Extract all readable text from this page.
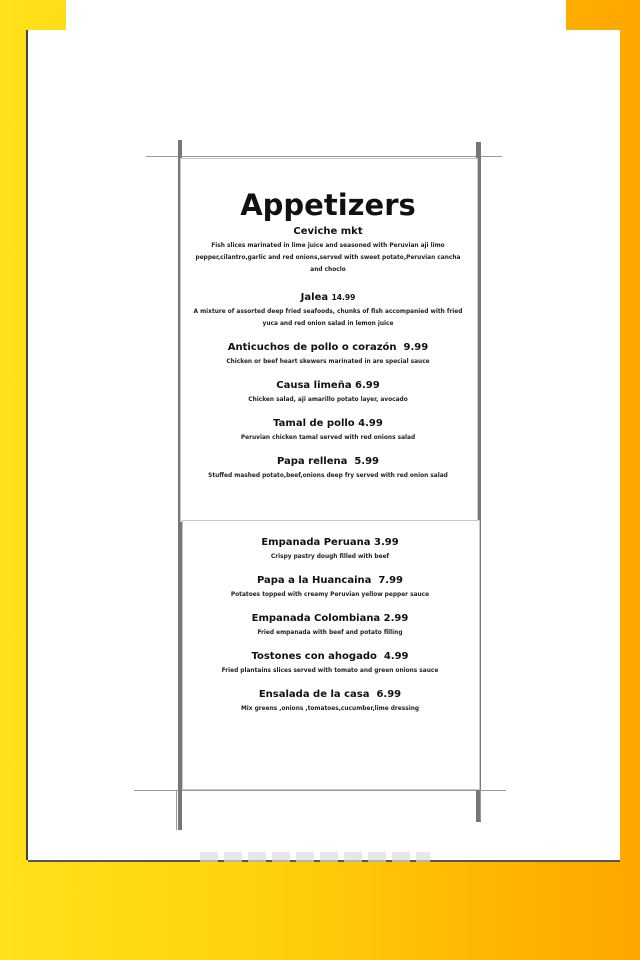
Appetizers
Ceviche mkt
Fish slices marinated in lime juice and seasoned with Peruvian aji limo pepper,cilantro,garlic and red onions,served with sweet potato,Peruvian cancha and choclo
Jalea 14.99
A mixture of assorted deep fried seafoods, chunks of fish accompanied with fried yuca and red onion salad in lemon juice
Anticuchos de pollo o corazón 9.99
Chicken or beef heart skewers marinated in are special sauce
Causa limeña 6.99
Chicken salad, aji amarillo potato layer, avocado
Tamal de pollo 4.99
Peruvian chicken tamal served with red onions salad
Papa rellena 5.99
Stuffed mashed potato,beef,onions deep fry served with red onion salad
Empanada Peruana 3.99
Crispy pastry dough filled with beef
Papa a la Huancaina 7.99
Potatoes topped with creamy Peruvian yellow pepper sauce
Empanada Colombiana 2.99
Fried empanada with beef and potato filling
Tostones con ahogado 4.99
Fried plantains slices served with tomato and green onions sauce
Ensalada de la casa 6.99
Mix greens ,onions ,tomatoes,cucumber,lime dressing
